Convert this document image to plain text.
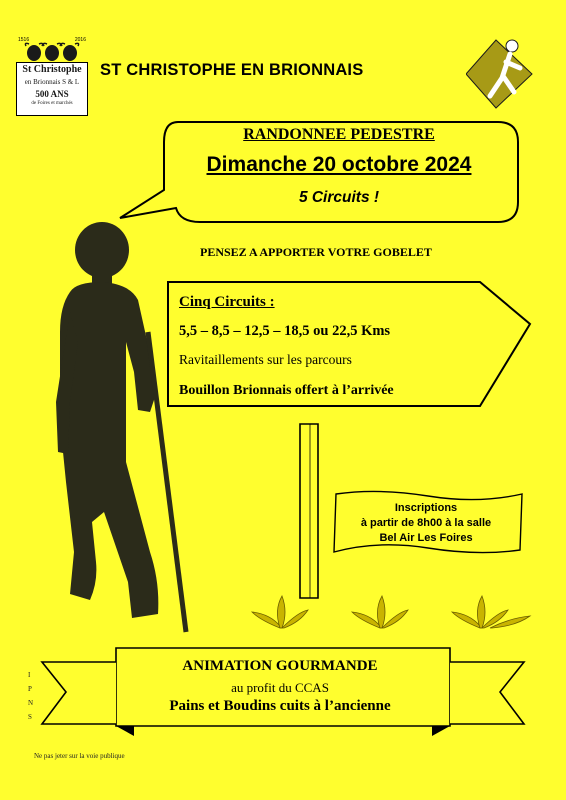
1516	2016
St Christophe
en Brionnais S & L
500 ANS
de Foires et marchés
ST CHRISTOPHE EN BRIONNAIS
RANDONNEE PEDESTRE
Dimanche 20 octobre 2024
5 Circuits !
PENSEZ A APPORTER VOTRE GOBELET
Cinq Circuits :
5,5 – 8,5 – 12,5 – 18,5 ou 22,5 Kms
Ravitaillements sur les parcours
Bouillon Brionnais offert à l’arrivée
Inscriptions
à partir de 8h00 à la salle
Bel Air Les Foires
ANIMATION GOURMANDE
au profit du CCAS
Pains et Boudins cuits à l’ancienne
IPNS
Ne pas jeter sur la voie publique
